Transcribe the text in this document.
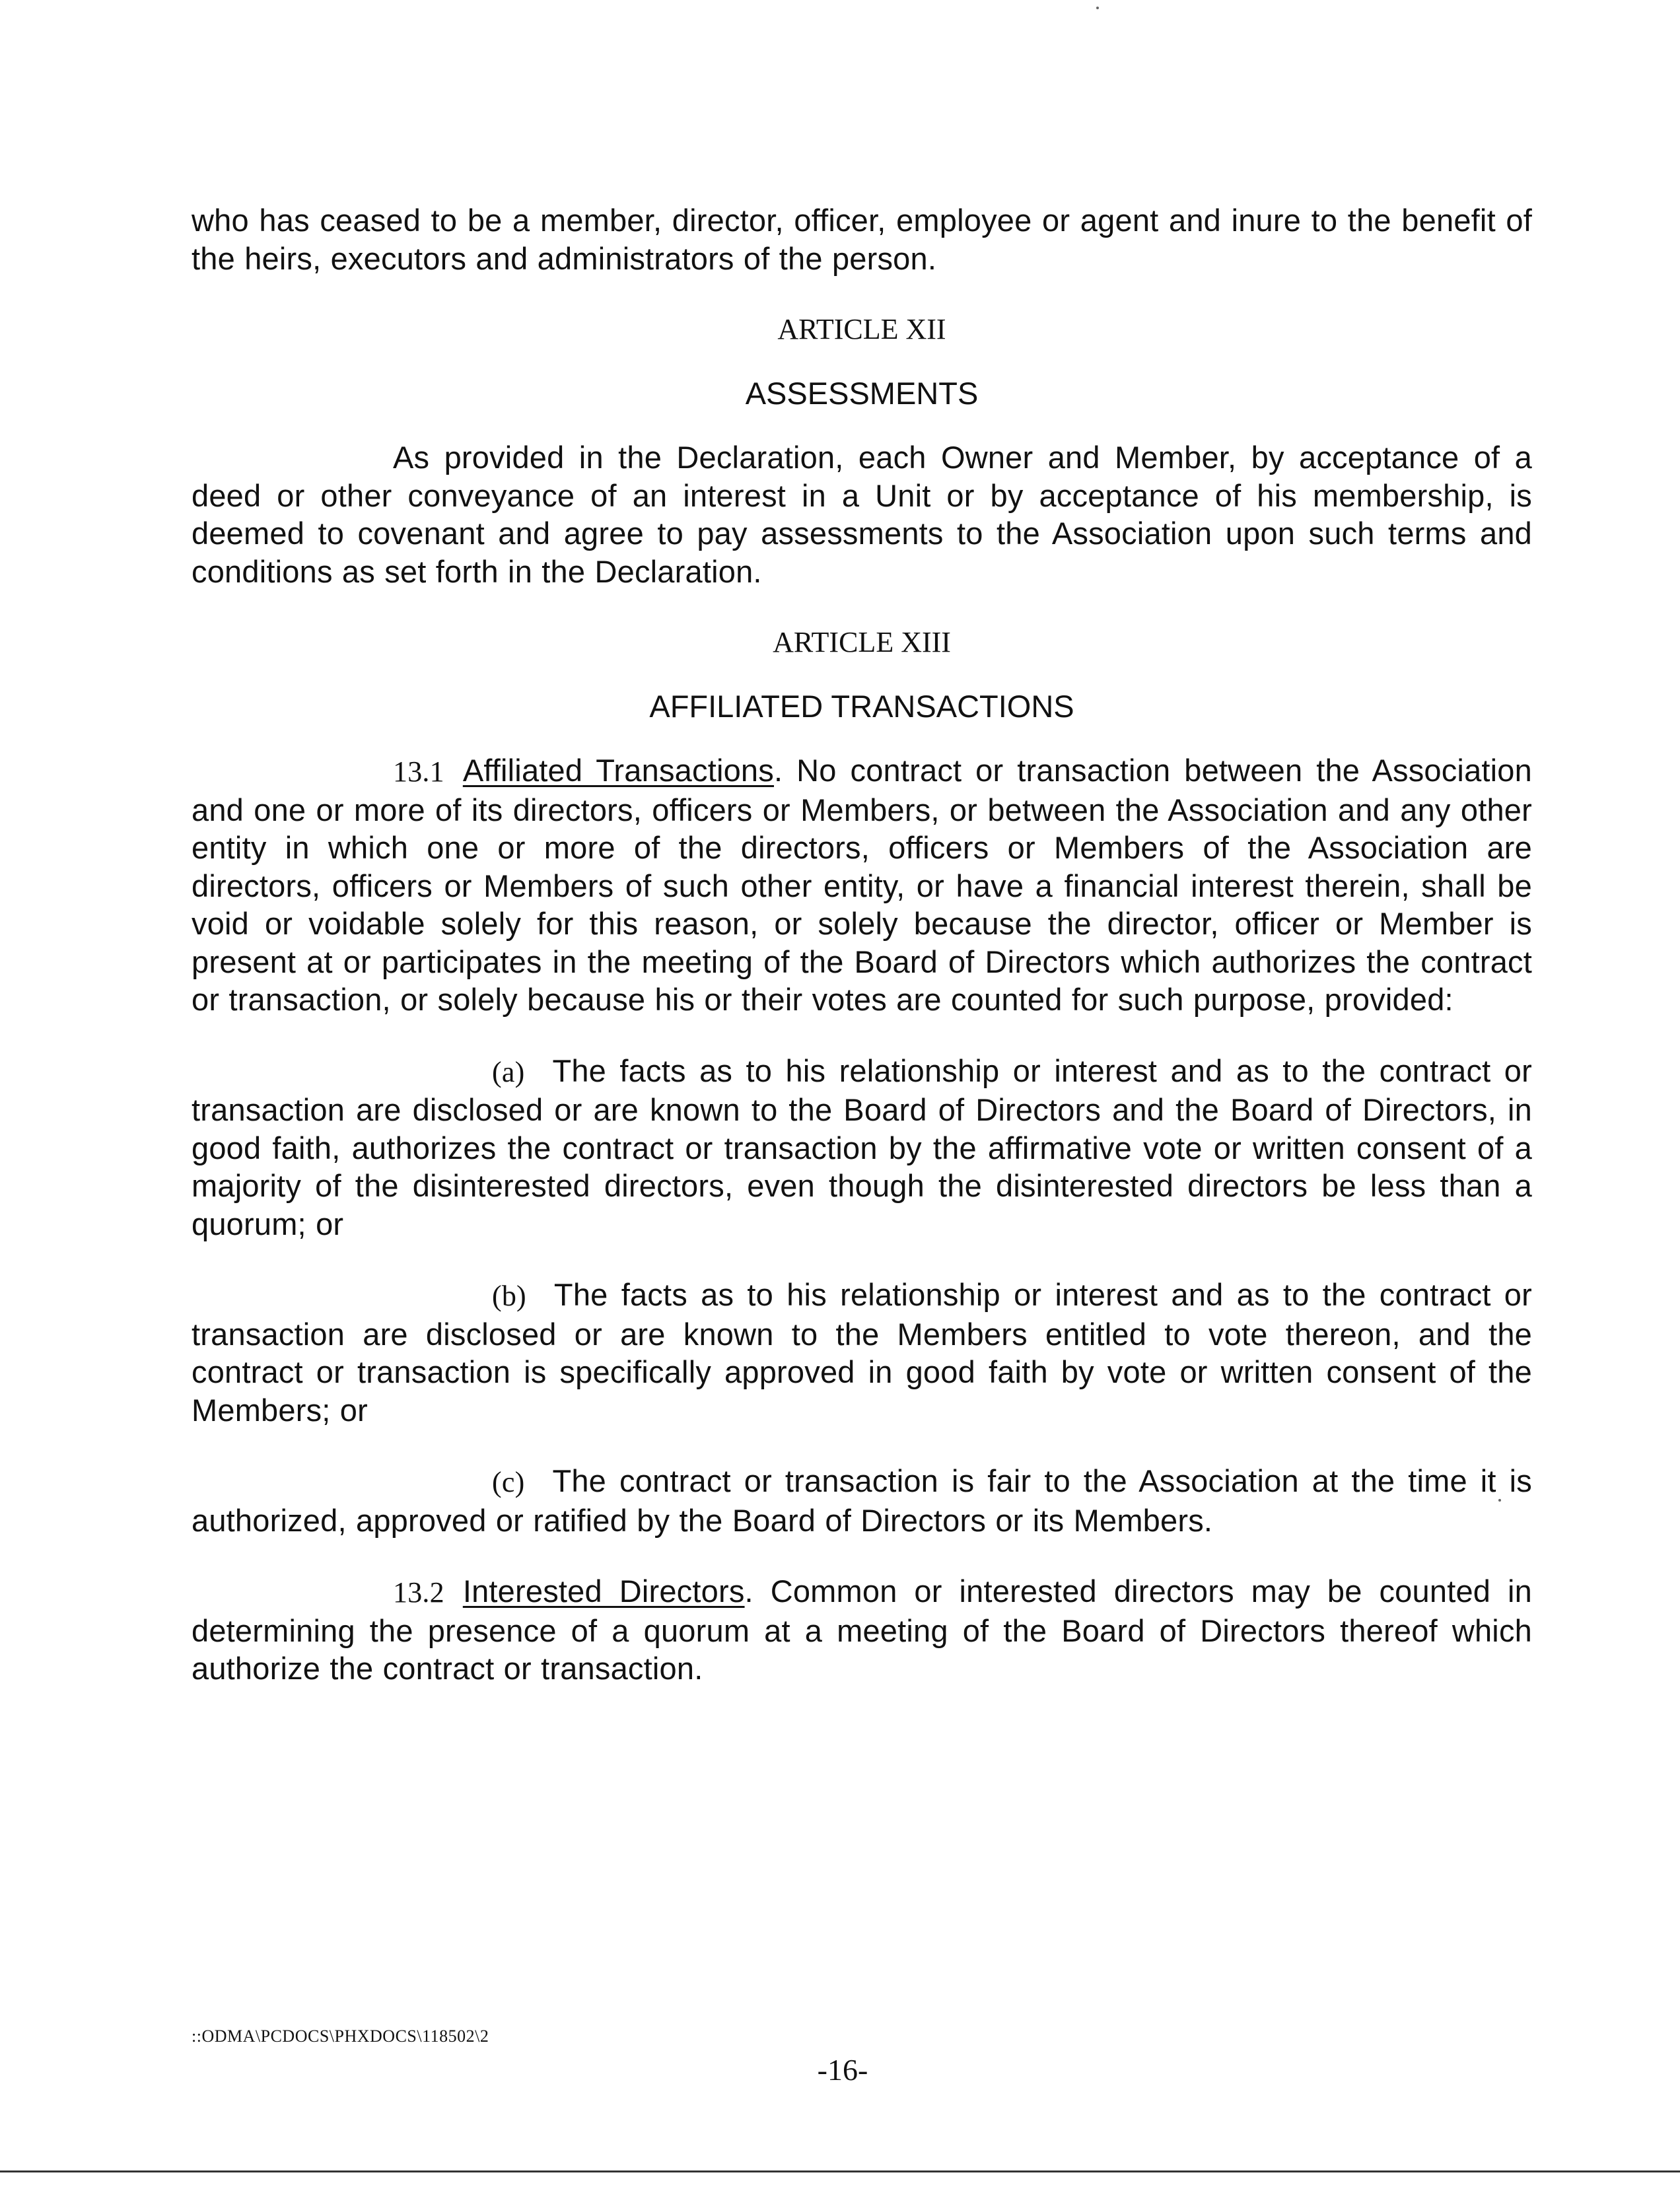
who has ceased to be a member, director, officer, employee or agent and inure to the benefit of the heirs, executors and administrators of the person.

ARTICLE XII

ASSESSMENTS

As provided in the Declaration, each Owner and Member, by acceptance of a deed or other conveyance of an interest in a Unit or by acceptance of his membership, is deemed to covenant and agree to pay assessments to the Association upon such terms and conditions as set forth in the Declaration.

ARTICLE XIII

AFFILIATED TRANSACTIONS

13.1 Affiliated Transactions. No contract or transaction between the Association and one or more of its directors, officers or Members, or between the Association and any other entity in which one or more of the directors, officers or Members of the Association are directors, officers or Members of such other entity, or have a financial interest therein, shall be void or voidable solely for this reason, or solely because the director, officer or Member is present at or participates in the meeting of the Board of Directors which authorizes the contract or transaction, or solely because his or their votes are counted for such purpose, provided:

(a) The facts as to his relationship or interest and as to the contract or transaction are disclosed or are known to the Board of Directors and the Board of Directors, in good faith, authorizes the contract or transaction by the affirmative vote or written consent of a majority of the disinterested directors, even though the disinterested directors be less than a quorum; or

(b) The facts as to his relationship or interest and as to the contract or transaction are disclosed or are known to the Members entitled to vote thereon, and the contract or transaction is specifically approved in good faith by vote or written consent of the Members; or

(c) The contract or transaction is fair to the Association at the time it is authorized, approved or ratified by the Board of Directors or its Members.

13.2 Interested Directors. Common or interested directors may be counted in determining the presence of a quorum at a meeting of the Board of Directors thereof which authorize the contract or transaction.

::ODMA\PCDOCS\PHXDOCS\118502\2
-16-
